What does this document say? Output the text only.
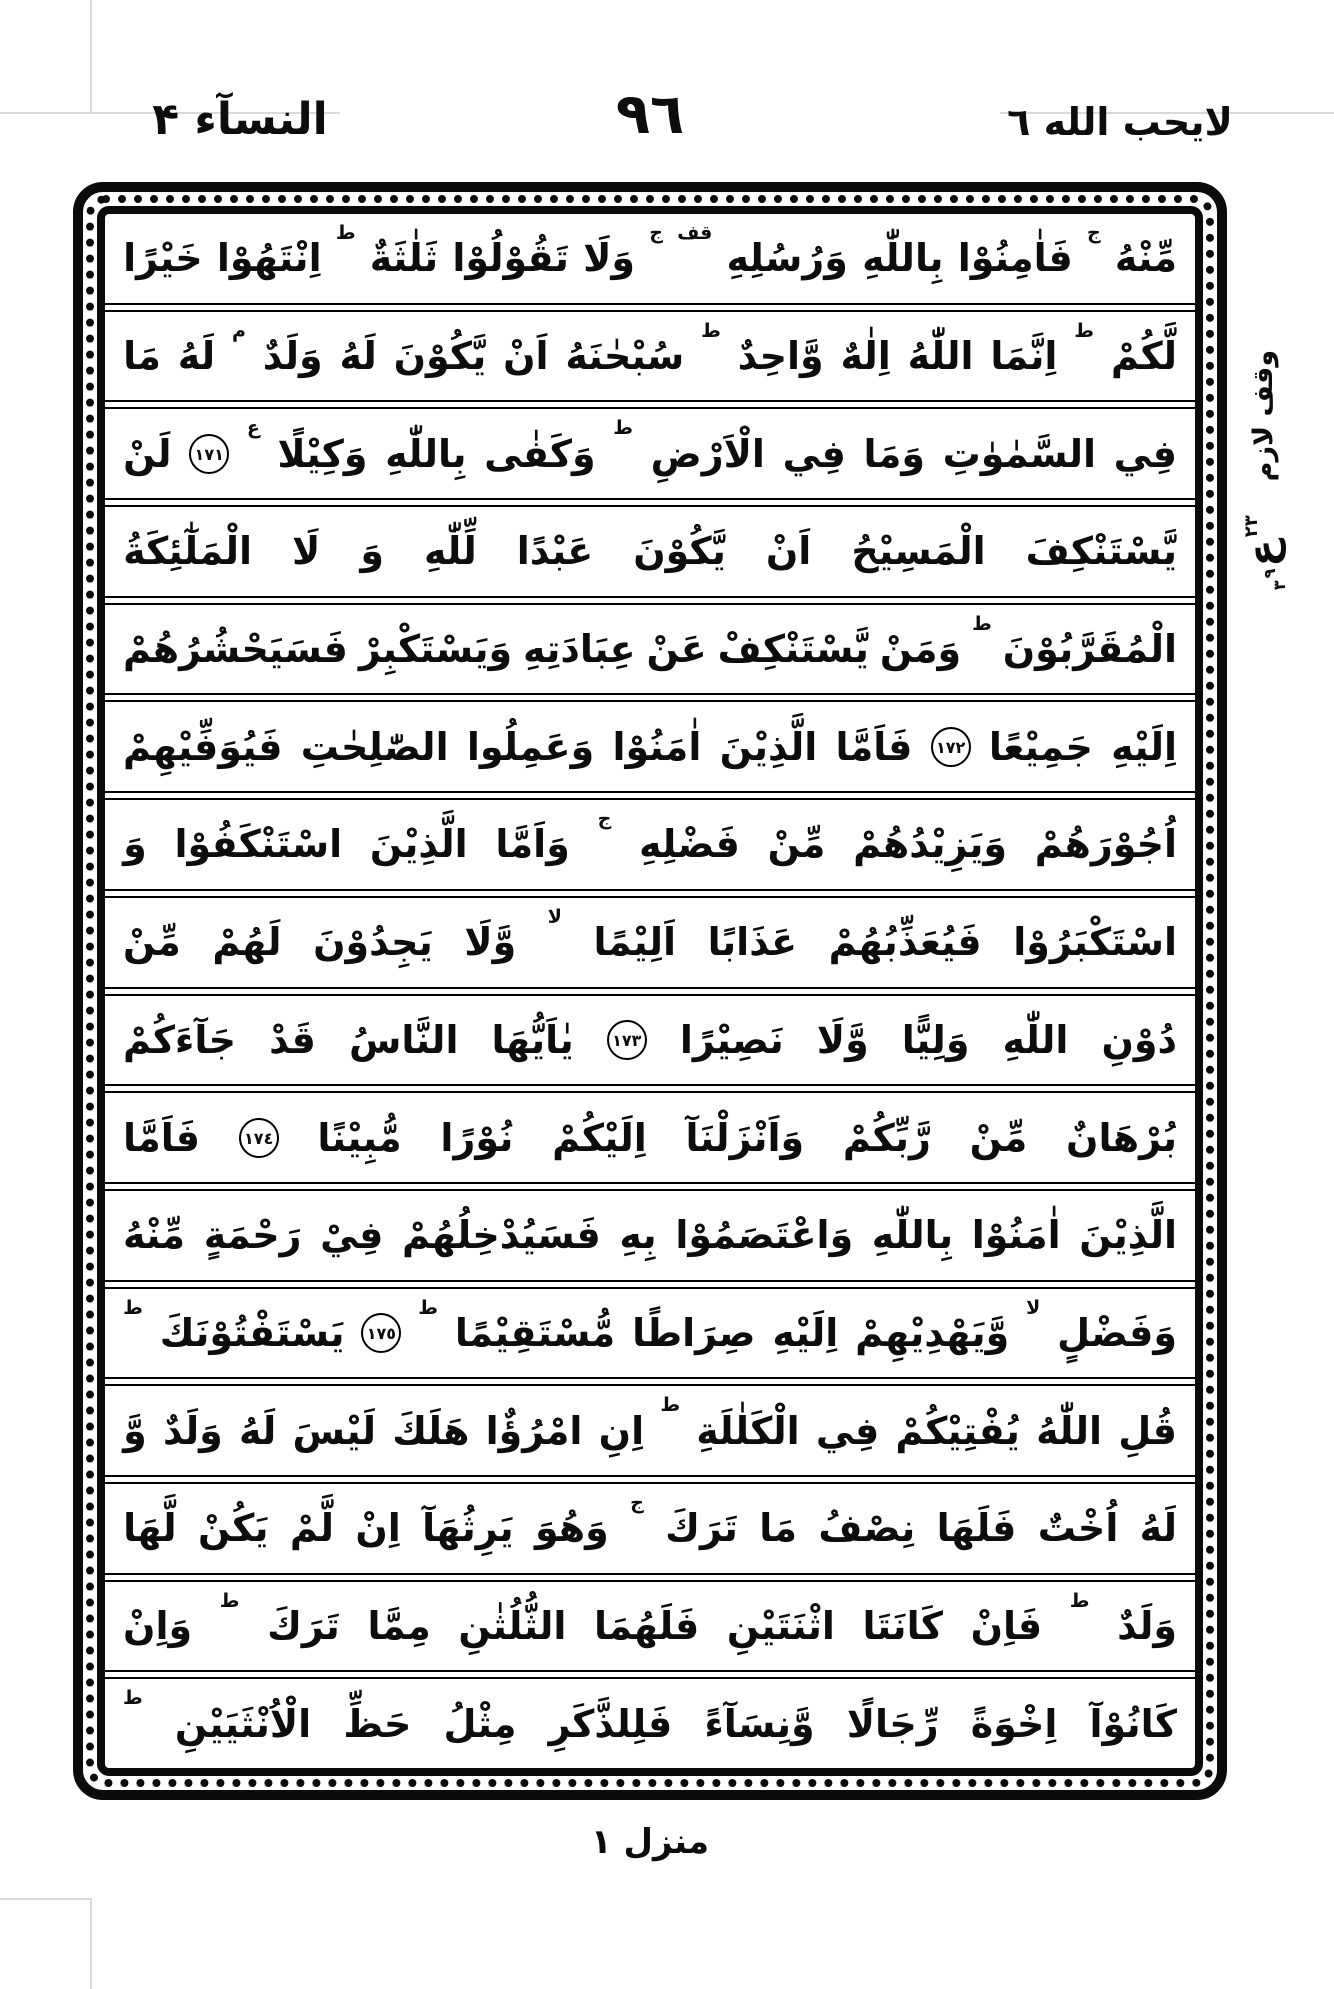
النسآء ۴	٩٦	لايحب الله ٦
مِّنْهُ
ج
فَاٰمِنُوْا
بِاللّٰهِ
وَرُسُلِهِ
قف
ج
وَلَا
تَقُوْلُوْا
ثَلٰثَةٌ
ط
اِنْتَهُوْا
خَيْرًا
لَّكُمْ
ط
اِنَّمَا
اللّٰهُ
اِلٰهٌ
وَّاحِدٌ
ط
سُبْحٰنَهُ
اَنْ
يَّكُوْنَ
لَهُ
وَلَدٌ
م
لَهُ
مَا
فِي
السَّمٰوٰتِ
وَمَا
فِي
الْاَرْضِ
ط
وَكَفٰى
بِاللّٰهِ
وَكِيْلًا
ع
١٧١
لَنْ
يَّسْتَنْكِفَ
الْمَسِيْحُ
اَنْ
يَّكُوْنَ
عَبْدًا
لِّلّٰهِ
وَ
لَا
الْمَلٰٓئِكَةُ
الْمُقَرَّبُوْنَ
ط
وَمَنْ
يَّسْتَنْكِفْ
عَنْ
عِبَادَتِهِ
وَيَسْتَكْبِرْ
فَسَيَحْشُرُهُمْ
اِلَيْهِ
جَمِيْعًا
١٧٢
فَاَمَّا
الَّذِيْنَ
اٰمَنُوْا
وَعَمِلُوا
الصّٰلِحٰتِ
فَيُوَفِّيْهِمْ
اُجُوْرَهُمْ
وَيَزِيْدُهُمْ
مِّنْ
فَضْلِهِ
ج
وَاَمَّا
الَّذِيْنَ
اسْتَنْكَفُوْا
وَ
اسْتَكْبَرُوْا
فَيُعَذِّبُهُمْ
عَذَابًا
اَلِيْمًا
لا
وَّلَا
يَجِدُوْنَ
لَهُمْ
مِّنْ
دُوْنِ
اللّٰهِ
وَلِيًّا
وَّلَا
نَصِيْرًا
١٧٣
يٰاَيُّهَا
النَّاسُ
قَدْ
جَآءَكُمْ
بُرْهَانٌ
مِّنْ
رَّبِّكُمْ
وَاَنْزَلْنَآ
اِلَيْكُمْ
نُوْرًا
مُّبِيْنًا
١٧٤
فَاَمَّا
الَّذِيْنَ
اٰمَنُوْا
بِاللّٰهِ
وَاعْتَصَمُوْا
بِهِ
فَسَيُدْخِلُهُمْ
فِيْ
رَحْمَةٍ
مِّنْهُ
وَفَضْلٍ
لا
وَّيَهْدِيْهِمْ
اِلَيْهِ
صِرَاطًا
مُّسْتَقِيْمًا
ط
١٧٥
يَسْتَفْتُوْنَكَ
ط
قُلِ
اللّٰهُ
يُفْتِيْكُمْ
فِي
الْكَلٰلَةِ
ط
اِنِ
امْرُؤٌا
هَلَكَ
لَيْسَ
لَهُ
وَلَدٌ
وَّ
لَهُ
اُخْتٌ
فَلَهَا
نِصْفُ
مَا
تَرَكَ
ج
وَهُوَ
يَرِثُهَآ
اِنْ
لَّمْ
يَكُنْ
لَّهَا
وَلَدٌ
ط
فَاِنْ
كَانَتَا
اثْنَتَيْنِ
فَلَهُمَا
الثُّلُثٰنِ
مِمَّا
تَرَكَ
ط
وَاِنْ
كَانُوْآ
اِخْوَةً
رِّجَالًا
وَّنِسَآءً
فَلِلذَّكَرِ
مِثْلُ
حَظِّ
الْاُنْثَيَيْنِ
ط
وقف لازم
٢٣
ع
٩
٣
منزل ١
